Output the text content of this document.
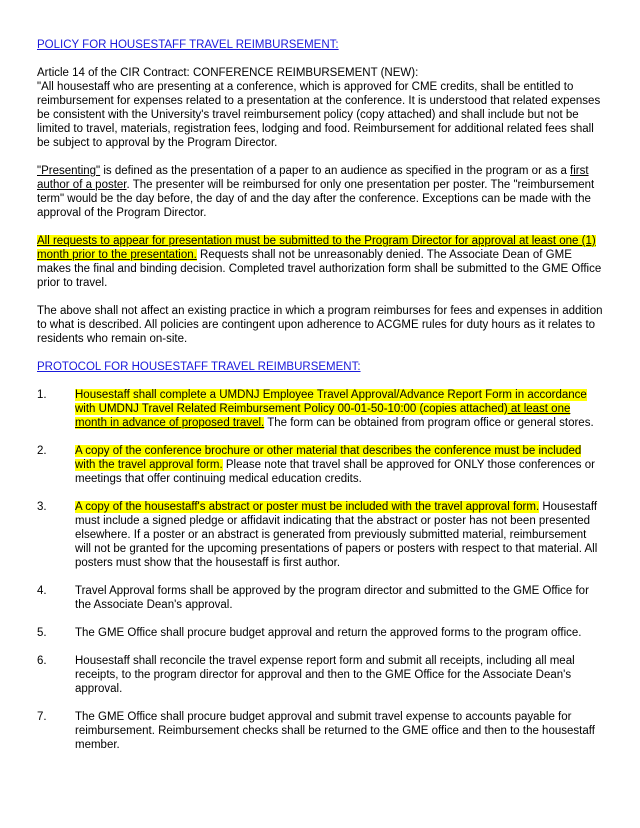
POLICY FOR HOUSESTAFF TRAVEL REIMBURSEMENT:

Article 14 of the CIR Contract: CONFERENCE REIMBURSEMENT (NEW):

"All housestaff who are presenting at a conference, which is approved for CME credits, shall be entitled to reimbursement for expenses related to a presentation at the conference. It is understood that related expenses be consistent with the University's travel reimbursement policy (copy attached) and shall include but not be limited to travel, materials, registration fees, lodging and food. Reimbursement for additional related fees shall be subject to approval by the Program Director.

"Presenting" is defined as the presentation of a paper to an audience as specified in the program or as a first author of a poster. The presenter will be reimbursed for only one presentation per poster. The "reimbursement term" would be the day before, the day of and the day after the conference. Exceptions can be made with the approval of the Program Director.

All requests to appear for presentation must be submitted to the Program Director for approval at least one (1) month prior to the presentation. Requests shall not be unreasonably denied. The Associate Dean of GME makes the final and binding decision. Completed travel authorization form shall be submitted to the GME Office prior to travel.

The above shall not affect an existing practice in which a program reimburses for fees and expenses in addition to what is described. All policies are contingent upon adherence to ACGME rules for duty hours as it relates to residents who remain on-site.

PROTOCOL FOR HOUSESTAFF TRAVEL REIMBURSEMENT:
1. Housestaff shall complete a UMDNJ Employee Travel Approval/Advance Report Form in accordance with UMDNJ Travel Related Reimbursement Policy 00-01-50-10:00 (copies attached) at least one month in advance of proposed travel. The form can be obtained from program office or general stores.
2. A copy of the conference brochure or other material that describes the conference must be included with the travel approval form. Please note that travel shall be approved for ONLY those conferences or meetings that offer continuing medical education credits.
3. A copy of the housestaff's abstract or poster must be included with the travel approval form. Housestaff must include a signed pledge or affidavit indicating that the abstract or poster has not been presented elsewhere. If a poster or an abstract is generated from previously submitted material, reimbursement will not be granted for the upcoming presentations of papers or posters with respect to that material. All posters must show that the housestaff is first author.
4. Travel Approval forms shall be approved by the program director and submitted to the GME Office for the Associate Dean's approval.
5. The GME Office shall procure budget approval and return the approved forms to the program office.
6. Housestaff shall reconcile the travel expense report form and submit all receipts, including all meal receipts, to the program director for approval and then to the GME Office for the Associate Dean's approval.
7. The GME Office shall procure budget approval and submit travel expense to accounts payable for reimbursement. Reimbursement checks shall be returned to the GME office and then to the housestaff member.
